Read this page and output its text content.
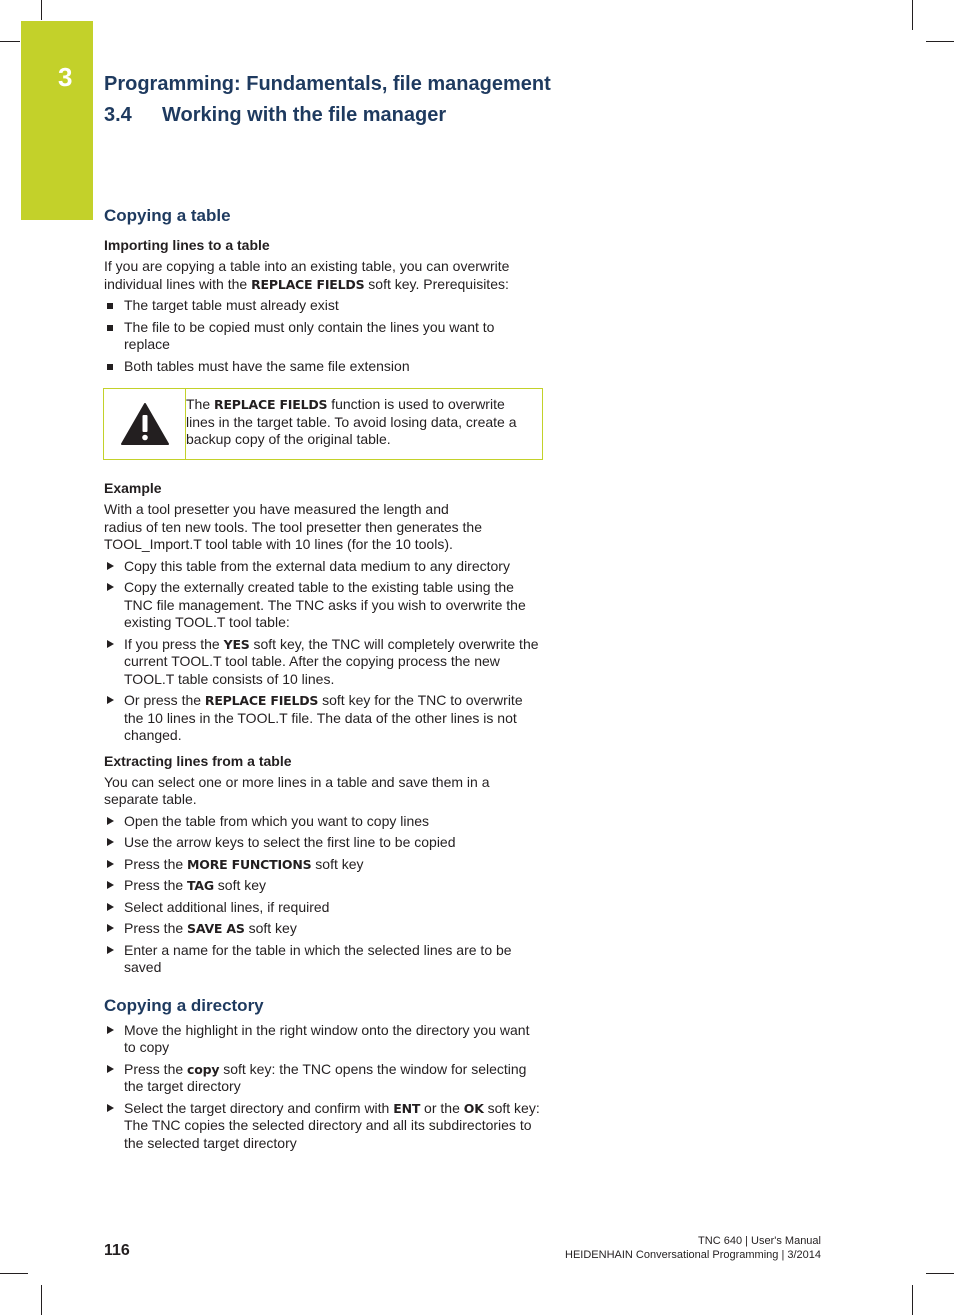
3 Programming: Fundamentals, file management
3.4 Working with the file manager
Copying a table
Importing lines to a table

If you are copying a table into an existing table, you can overwrite individual lines with the REPLACE FIELDS soft key. Prerequisites:

The target table must already exist
The file to be copied must only contain the lines you want to replace
Both tables must have the same file extension
The REPLACE FIELDS function is used to overwrite lines in the target table. To avoid losing data, create a backup copy of the original table.
Example

With a tool presetter you have measured the length and
radius of ten new tools. The tool presetter then generates the TOOL_Import.T tool table with 10 lines (for the 10 tools).

Copy this table from the external data medium to any directory
Copy the externally created table to the existing table using the TNC file management. The TNC asks if you wish to overwrite the existing TOOL.T tool table:
If you press the YES soft key, the TNC will completely overwrite the current TOOL.T tool table. After the copying process the new TOOL.T table consists of 10 lines.
Or press the REPLACE FIELDS soft key for the TNC to overwrite the 10 lines in the TOOL.T file. The data of the other lines is not changed.
Extracting lines from a table

You can select one or more lines in a table and save them in a separate table.

Open the table from which you want to copy lines
Use the arrow keys to select the first line to be copied
Press the MORE FUNCTIONS soft key
Press the TAG soft key
Select additional lines, if required
Press the SAVE AS soft key
Enter a name for the table in which the selected lines are to be saved
Copying a directory
Move the highlight in the right window onto the directory you want to copy
Press the copy soft key: the TNC opens the window for selecting the target directory
Select the target directory and confirm with ENT or the OK soft key: The TNC copies the selected directory and all its subdirectories to the selected target directory
116
TNC 640 | User's Manual
HEIDENHAIN Conversational Programming | 3/2014
